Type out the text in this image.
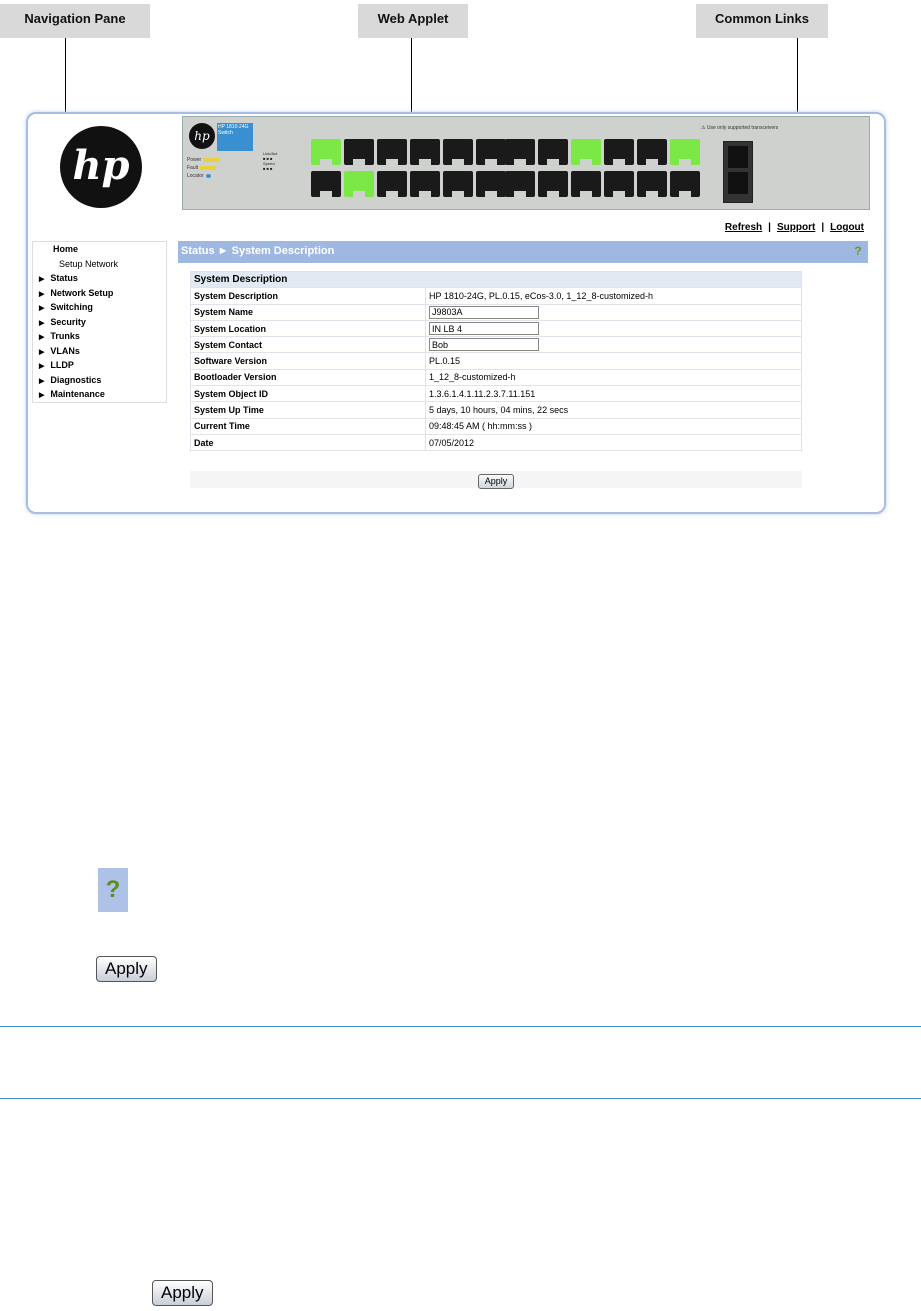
Navigation Pane	Web Applet	Common Links
hp
hp
HP 1810-24G Switch
Power
Fault
Locator
Link/Act
■ ■ ■
Speed
■ ■ ■
⚠ Use only supported transceivers
Refresh | Support | Logout
Home
Setup Network
▶ Status
▶ Network Setup
▶ Switching
▶ Security
▶ Trunks
▶ VLANs
▶ LLDP
▶ Diagnostics
▶ Maintenance
Status ► System Description	?
System Description	
System Description	HP 1810-24G, PL.0.15, eCos-3.0, 1_12_8-customized-h
System Name	J9803A
System Location	IN LB 4
System Contact	Bob
Software Version	PL.0.15
Bootloader Version	1_12_8-customized-h
System Object ID	1.3.6.1.4.1.11.2.3.7.11.151
System Up Time	5 days, 10 hours, 04 mins, 22 secs
Current Time	09:48:45 AM ( hh:mm:ss )
Date	07/05/2012
Apply
?
Apply
Apply
